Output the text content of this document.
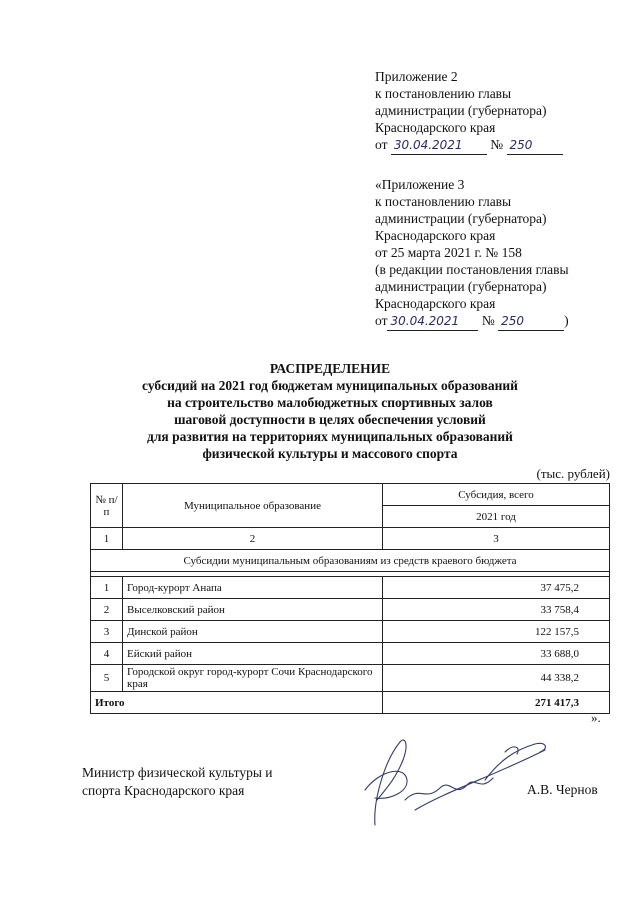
Приложение 2
к постановлению главы
администрации (губернатора)
Краснодарского края
от 30.04.2021 № 250
«Приложение 3
к постановлению главы
администрации (губернатора)
Краснодарского края
от 25 марта 2021 г. № 158
(в редакции постановления главы
администрации (губернатора)
Краснодарского края
от 30.04.2021 № 250	)
РАСПРЕДЕЛЕНИЕ
субсидий на 2021 год бюджетам муниципальных образований
на строительство малобюджетных спортивных залов
шаговой доступности в целях обеспечения условий
для развития на территориях муниципальных образований
физической культуры и массового спорта
(тыс. рублей)
№ п/п	Муниципальное образование	Субсидия, всего
		2021 год
1	2	3
Субсидии муниципальным образованиям из средств краевого бюджета		

1	Город-курорт Анапа	37 475,2
2	Выселковский район	33 758,4
3	Динской район	122 157,5
4	Ейский район	33 688,0
5	Городской округ город-курорт Сочи Краснодарского края	44 338,2
Итого		271 417,3
».
Министр физической культуры и
спорта Краснодарского края	А.В. Чернов
